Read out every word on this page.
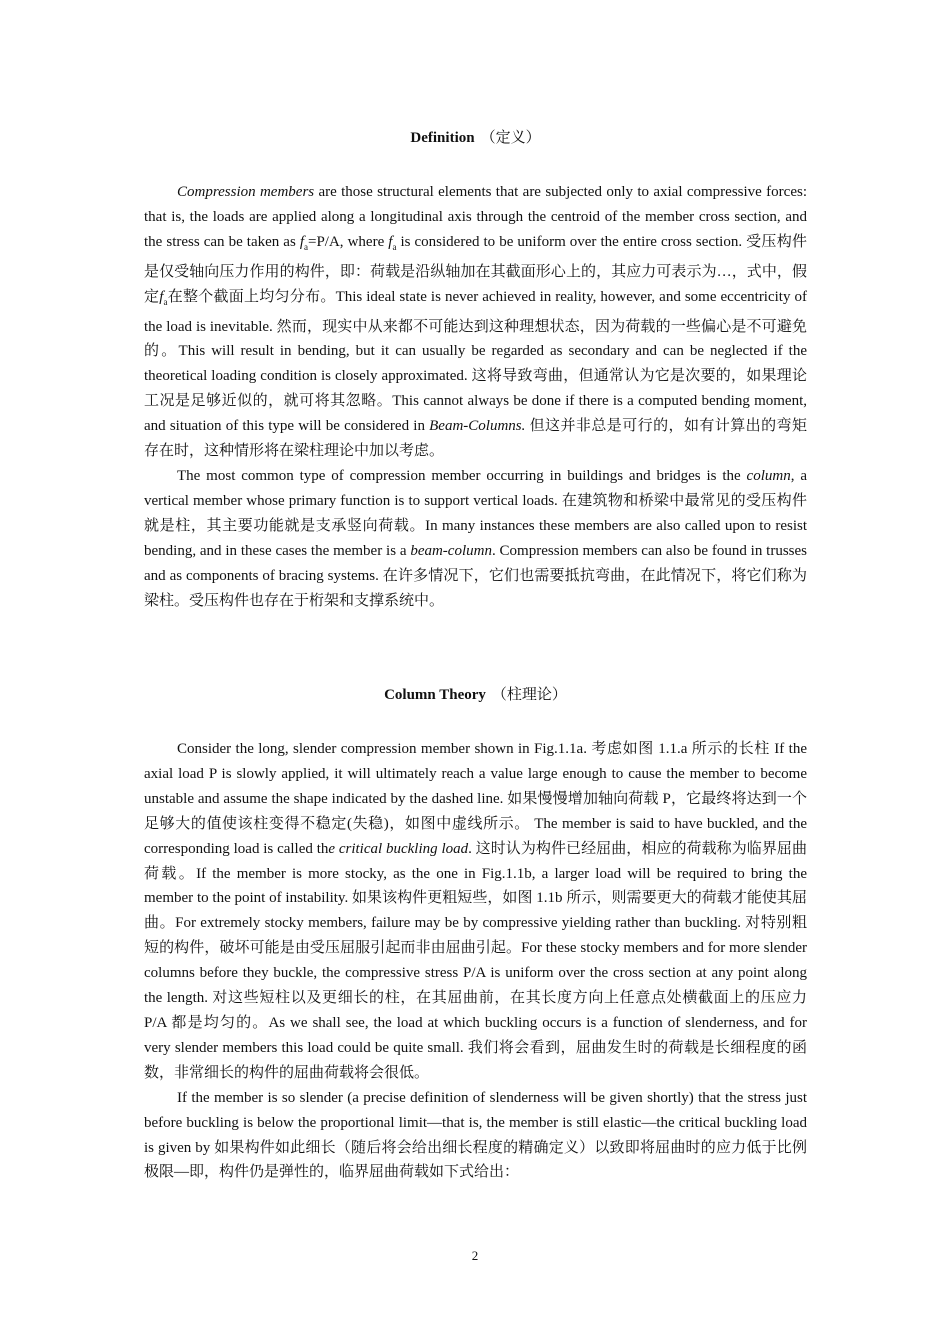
Definition （定义）

Compression members are those structural elements that are subjected only to axial compressive forces: that is, the loads are applied along a longitudinal axis through the centroid of the member cross section, and the stress can be taken as $f_a=P/A$, where $f_a$ is considered to be uniform over the entire cross section. 受压构件是仅受轴向压力作用的构件，即：荷载是沿纵轴加在其截面形心上的，其应力可表示为…，式中，假定$f_a$在整个截面上均匀分布。This ideal state is never achieved in reality, however, and some eccentricity of the load is inevitable. 然而，现实中从来都不可能达到这种理想状态，因为荷载的一些偏心是不可避免的。This will result in bending, but it can usually be regarded as secondary and can be neglected if the theoretical loading condition is closely approximated. 这将导致弯曲，但通常认为它是次要的，如果理论工况是足够近似的，就可将其忽略。This cannot always be done if there is a computed bending moment, and situation of this type will be considered in Beam-Columns. 但这并非总是可行的，如有计算出的弯矩存在时，这种情形将在梁柱理论中加以考虑。

The most common type of compression member occurring in buildings and bridges is the column, a vertical member whose primary function is to support vertical loads. 在建筑物和桥梁中最常见的受压构件就是柱，其主要功能就是支承竖向荷载。In many instances these members are also called upon to resist bending, and in these cases the member is a beam-column. Compression members can also be found in trusses and as components of bracing systems. 在许多情况下，它们也需要抵抗弯曲，在此情况下，将它们称为梁柱。受压构件也存在于桁架和支撑系统中。

Column Theory （柱理论）

Consider the long, slender compression member shown in Fig.1.1a. 考虑如图 1.1.a 所示的长柱 If the axial load P is slowly applied, it will ultimately reach a value large enough to cause the member to become unstable and assume the shape indicated by the dashed line. 如果慢慢增加轴向荷载 P，它最终将达到一个足够大的值使该柱变得不稳定(失稳)，如图中虚线所示。 The member is said to have buckled, and the corresponding load is called the critical buckling load. 这时认为构件已经屈曲，相应的荷载称为临界屈曲荷载。If the member is more stocky, as the one in Fig.1.1b, a larger load will be required to bring the member to the point of instability. 如果该构件更粗短些，如图 1.1b 所示，则需要更大的荷载才能使其屈曲。For extremely stocky members, failure may be by compressive yielding rather than buckling. 对特别粗短的构件，破坏可能是由受压屈服引起而非由屈曲引起。For these stocky members and for more slender columns before they buckle, the compressive stress P/A is uniform over the cross section at any point along the length. 对这些短柱以及更细长的柱，在其屈曲前，在其长度方向上任意点处横截面上的压应力 P/A 都是均匀的。As we shall see, the load at which buckling occurs is a function of slenderness, and for very slender members this load could be quite small. 我们将会看到，屈曲发生时的荷载是长细程度的函数，非常细长的构件的屈曲荷载将会很低。

If the member is so slender (a precise definition of slenderness will be given shortly) that the stress just before buckling is below the proportional limit—that is, the member is still elastic—the critical buckling load is given by 如果构件如此细长（随后将会给出细长程度的精确定义）以致即将屈曲时的应力低于比例极限—即，构件仍是弹性的，临界屈曲荷载如下式给出：

2
